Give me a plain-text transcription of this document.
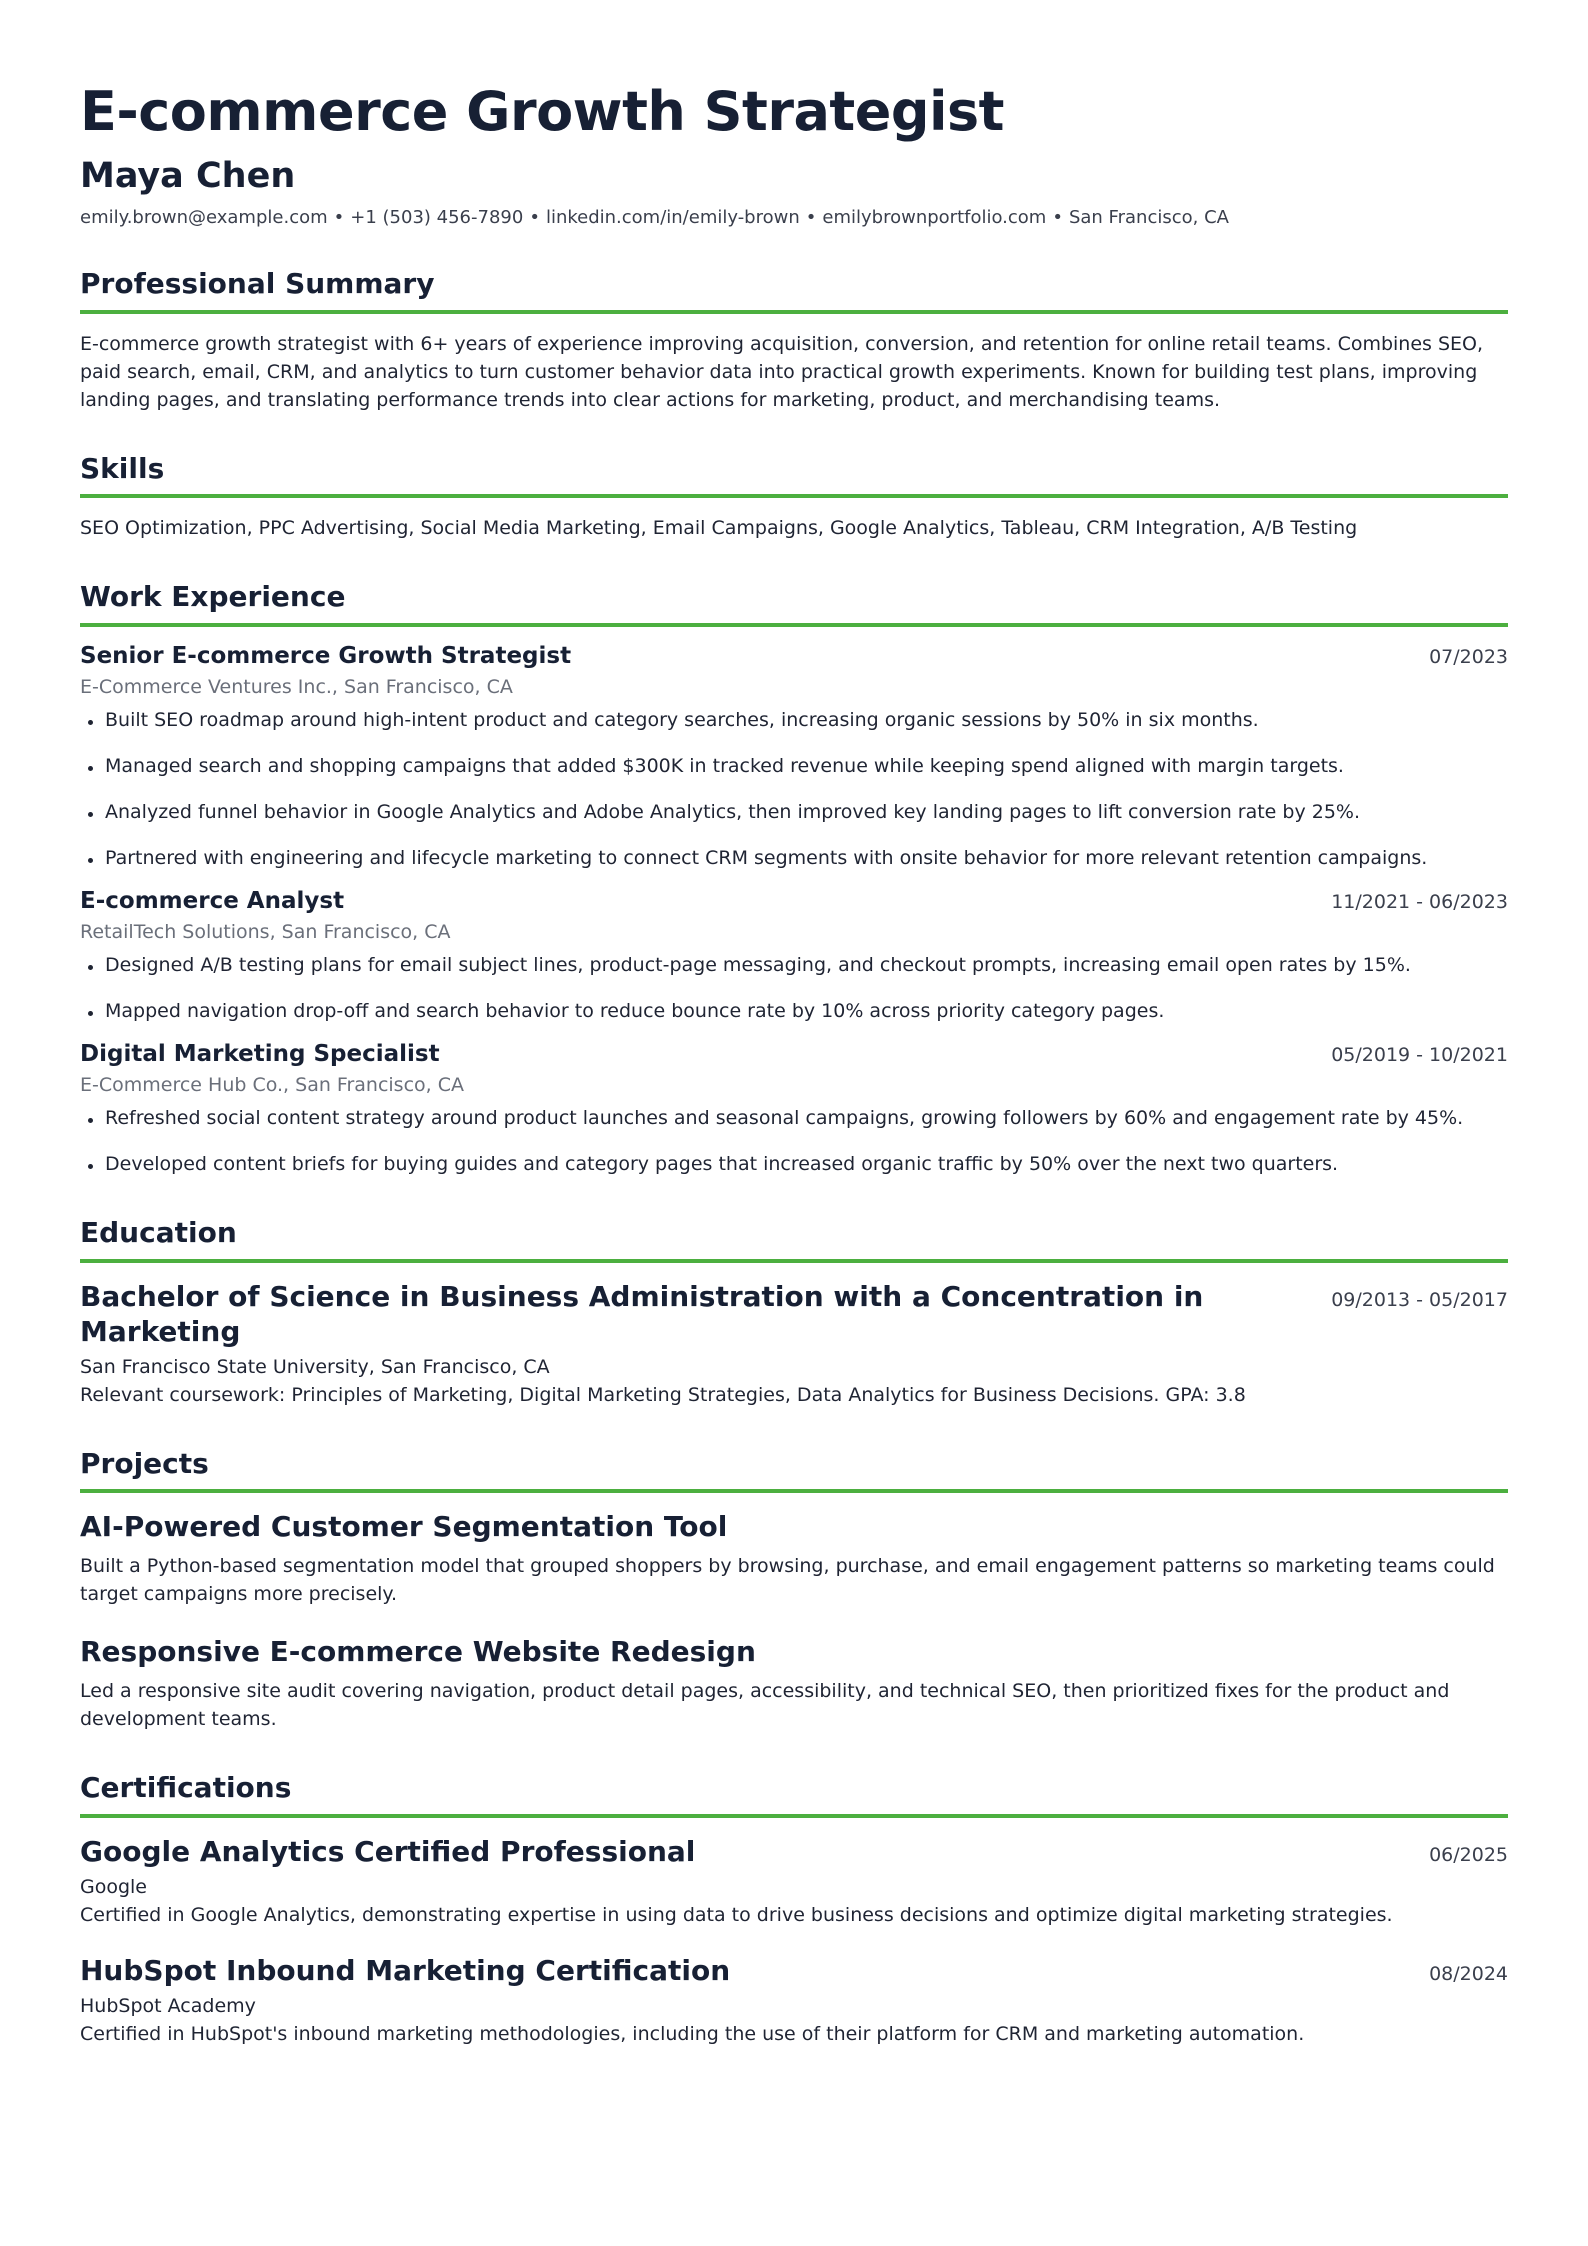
E-commerce Growth Strategist
Maya Chen
emily.brown@example.com • +1 (503) 456-7890 • linkedin.com/in/emily-brown • emilybrownportfolio.com • San Francisco, CA
Professional Summary

E-commerce growth strategist with 6+ years of experience improving acquisition, conversion, and retention for online retail teams. Combines SEO, paid search, email, CRM, and analytics to turn customer behavior data into practical growth experiments. Known for building test plans, improving landing pages, and translating performance trends into clear actions for marketing, product, and merchandising teams.

Skills

SEO Optimization, PPC Advertising, Social Media Marketing, Email Campaigns, Google Analytics, Tableau, CRM Integration, A/B Testing

Work Experience
Senior E-commerce Growth Strategist	07/2023
E-Commerce Ventures Inc., San Francisco, CA
Built SEO roadmap around high-intent product and category searches, increasing organic sessions by 50% in six months.
Managed search and shopping campaigns that added $300K in tracked revenue while keeping spend aligned with margin targets.
Analyzed funnel behavior in Google Analytics and Adobe Analytics, then improved key landing pages to lift conversion rate by 25%.
Partnered with engineering and lifecycle marketing to connect CRM segments with onsite behavior for more relevant retention campaigns.
E-commerce Analyst	11/2021 - 06/2023
RetailTech Solutions, San Francisco, CA
Designed A/B testing plans for email subject lines, product-page messaging, and checkout prompts, increasing email open rates by 15%.
Mapped navigation drop-off and search behavior to reduce bounce rate by 10% across priority category pages.
Digital Marketing Specialist	05/2019 - 10/2021
E-Commerce Hub Co., San Francisco, CA
Refreshed social content strategy around product launches and seasonal campaigns, growing followers by 60% and engagement rate by 45%.
Developed content briefs for buying guides and category pages that increased organic traffic by 50% over the next two quarters.
Education
Bachelor of Science in Business Administration with a Concentration in Marketing
09/2013 - 05/2017
San Francisco State University, San Francisco, CA
Relevant coursework: Principles of Marketing, Digital Marketing Strategies, Data Analytics for Business Decisions. GPA: 3.8
Projects
AI-Powered Customer Segmentation Tool

Built a Python-based segmentation model that grouped shoppers by browsing, purchase, and email engagement patterns so marketing teams could target campaigns more precisely.

Responsive E-commerce Website Redesign

Led a responsive site audit covering navigation, product detail pages, accessibility, and technical SEO, then prioritized fixes for the product and development teams.

Certifications
Google Analytics Certified Professional	06/2025
Google
Certified in Google Analytics, demonstrating expertise in using data to drive business decisions and optimize digital marketing strategies.
HubSpot Inbound Marketing Certification	08/2024
HubSpot Academy
Certified in HubSpot's inbound marketing methodologies, including the use of their platform for CRM and marketing automation.
